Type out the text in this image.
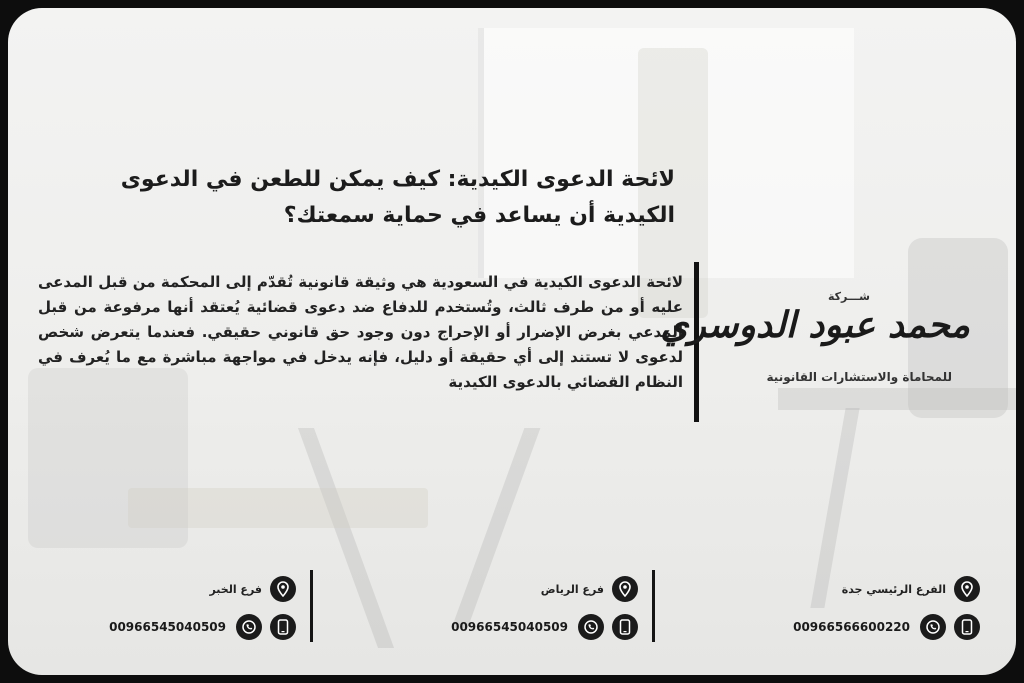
لائحة الدعوى الكيدية: كيف يمكن للطعن في الدعوى الكيدية أن يساعد في حماية سمعتك؟
لائحة الدعوى الكيدية في السعودية هي وثيقة قانونية تُقدّم إلى المحكمة من قبل المدعى عليه أو من طرف ثالث، وتُستخدم للدفاع ضد دعوى قضائية يُعتقد أنها مرفوعة من قبل المدعي بغرض الإضرار أو الإحراج دون وجود حق قانوني حقيقي. فعندما يتعرض شخص لدعوى لا تستند إلى أي حقيقة أو دليل، فإنه يدخل في مواجهة مباشرة مع ما يُعرف في النظام القضائي بالدعوى الكيدية
شـــركة
محمد عبود الدوسري
للمحاماة والاستشارات القانونية
الفرع الرئيسي جدة
00966566600220
فرع الرياض
00966545040509
فرع الخبر
00966545040509
